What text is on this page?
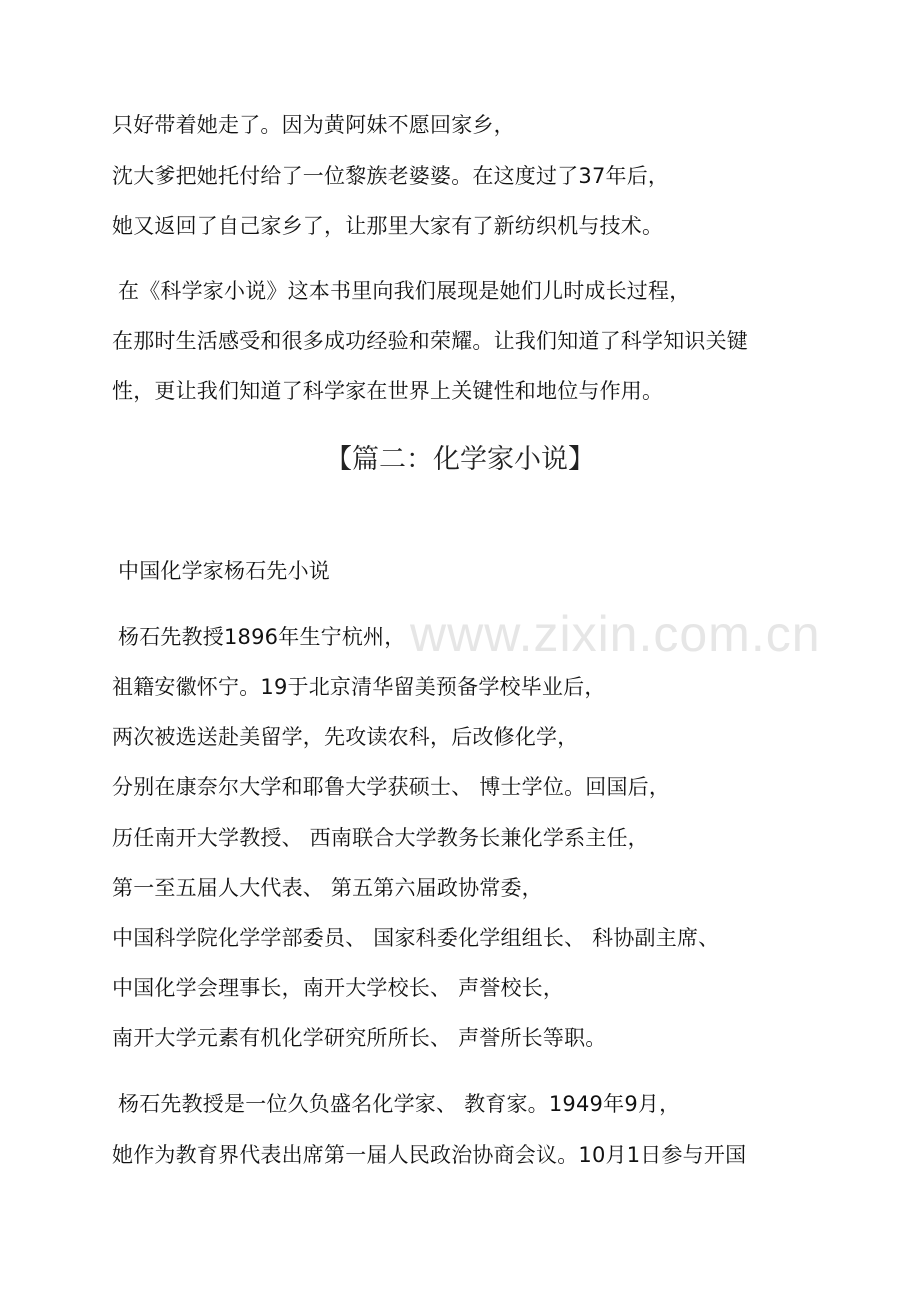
www.zixin.com.cn
只好带着她走了。因为黄阿妹不愿回家乡，
沈大爹把她托付给了一位黎族老婆婆。在这度过了37年后，
她又返回了自己家乡了，让那里大家有了新纺织机与技术。
在《科学家小说》这本书里向我们展现是她们儿时成长过程，
在那时生活感受和很多成功经验和荣耀。让我们知道了科学知识关键
性，更让我们知道了科学家在世界上关键性和地位与作用。
【篇二：化学家小说】
中国化学家杨石先小说
杨石先教授1896年生宁杭州，
祖籍安徽怀宁。19于北京清华留美预备学校毕业后，
两次被选送赴美留学，先攻读农科，后改修化学，
分别在康奈尔大学和耶鲁大学获硕士、 博士学位。回国后，
历任南开大学教授、 西南联合大学教务长兼化学系主任，
第一至五届人大代表、 第五第六届政协常委，
中国科学院化学学部委员、 国家科委化学组组长、 科协副主席、
中国化学会理事长，南开大学校长、 声誉校长，
南开大学元素有机化学研究所所长、 声誉所长等职。
杨石先教授是一位久负盛名化学家、 教育家。1949年9月，
她作为教育界代表出席第一届人民政治协商会议。10月1日参与开国
